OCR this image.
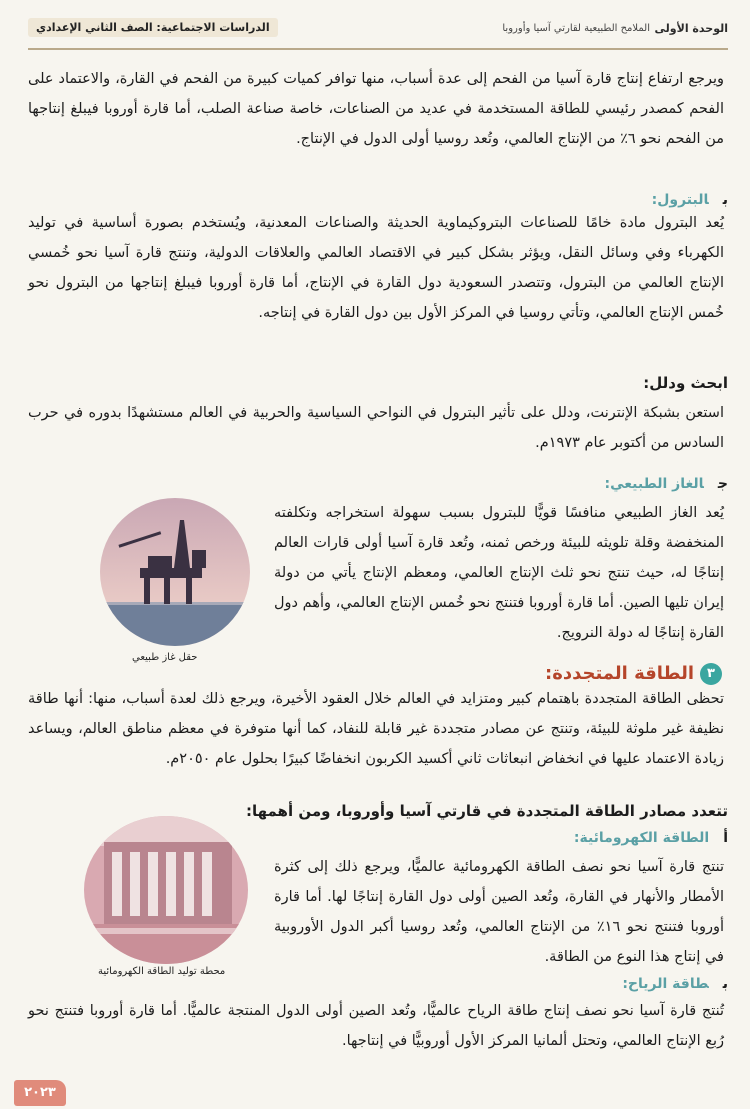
الوحدة الأولى
الملامح الطبيعية لقارتي آسيا وأوروبا
الدراسات الاجتماعية: الصف الثاني الإعدادي

ويرجع ارتفاع إنتاج قارة آسيا من الفحم إلى عدة أسباب، منها توافر كميات كبيرة من الفحم في القارة، والاعتماد على الفحم كمصدر رئيسي للطاقة المستخدمة في عديد من الصناعات، خاصة صناعة الصلب، أما قارة أوروبا فيبلغ إنتاجها من الفحم نحو ٦٪ من الإنتاج العالمي، وتُعد روسيا أولى الدول في الإنتاج.

بالبترول:

يُعد البترول مادة خامًا للصناعات البتروكيماوية الحديثة والصناعات المعدنية، ويُستخدم بصورة أساسية في توليد الكهرباء وفي وسائل النقل، ويؤثر بشكل كبير في الاقتصاد العالمي والعلاقات الدولية، وتنتج قارة آسيا نحو خُمسي الإنتاج العالمي من البترول، وتتصدر السعودية دول القارة في الإنتاج، أما قارة أوروبا فيبلغ إنتاجها من البترول نحو خُمس الإنتاج العالمي، وتأتي روسيا في المركز الأول بين دول القارة في إنتاجه.

ابحث ودلل:

استعن بشبكة الإنترنت، ودلل على تأثير البترول في النواحي السياسية والحربية في العالم مستشهدًا بدوره في حرب السادس من أكتوبر عام ١٩٧٣م.

جالغاز الطبيعي:

يُعد الغاز الطبيعي منافسًا قويًّا للبترول بسبب سهولة استخراجه وتكلفته المنخفضة وقلة تلويثه للبيئة ورخص ثمنه، وتُعد قارة آسيا أولى قارات العالم إنتاجًا له، حيث تنتج نحو ثلث الإنتاج العالمي، ومعظم الإنتاج يأتي من دولة إيران تليها الصين. أما قارة أوروبا فتنتج نحو خُمس الإنتاج العالمي، وأهم دول القارة إنتاجًا له دولة النرويج.

حقل غاز طبيعي
٣الطاقة المتجددة:

تحظى الطاقة المتجددة باهتمام كبير ومتزايد في العالم خلال العقود الأخيرة، ويرجع ذلك لعدة أسباب، منها: أنها طاقة نظيفة غير ملوثة للبيئة، وتنتج عن مصادر متجددة غير قابلة للنفاد، كما أنها متوفرة في معظم مناطق العالم، ويساعد زيادة الاعتماد عليها في انخفاض انبعاثات ثاني أكسيد الكربون انخفاضًا كبيرًا بحلول عام ٢٠٥٠م.

تتعدد مصادر الطاقة المتجددة في قارتي آسيا وأوروبا، ومن أهمها:
أالطاقة الكهرومائية:

تنتج قارة آسيا نحو نصف الطاقة الكهرومائية عالميًّا، ويرجع ذلك إلى كثرة الأمطار والأنهار في القارة، وتُعد الصين أولى دول القارة إنتاجًا لها. أما قارة أوروبا فتنتج نحو ١٦٪ من الإنتاج العالمي، وتُعد روسيا أكبر الدول الأوروبية في إنتاج هذا النوع من الطاقة.

محطة توليد الطاقة الكهرومائية
بطاقة الرياح:

تُنتج قارة آسيا نحو نصف إنتاج طاقة الرياح عالميًّا، وتُعد الصين أولى الدول المنتجة عالميًّا. أما قارة أوروبا فتنتج نحو رُبع الإنتاج العالمي، وتحتل ألمانيا المركز الأول أوروبيًّا في إنتاجها.

٢٠٢٣
